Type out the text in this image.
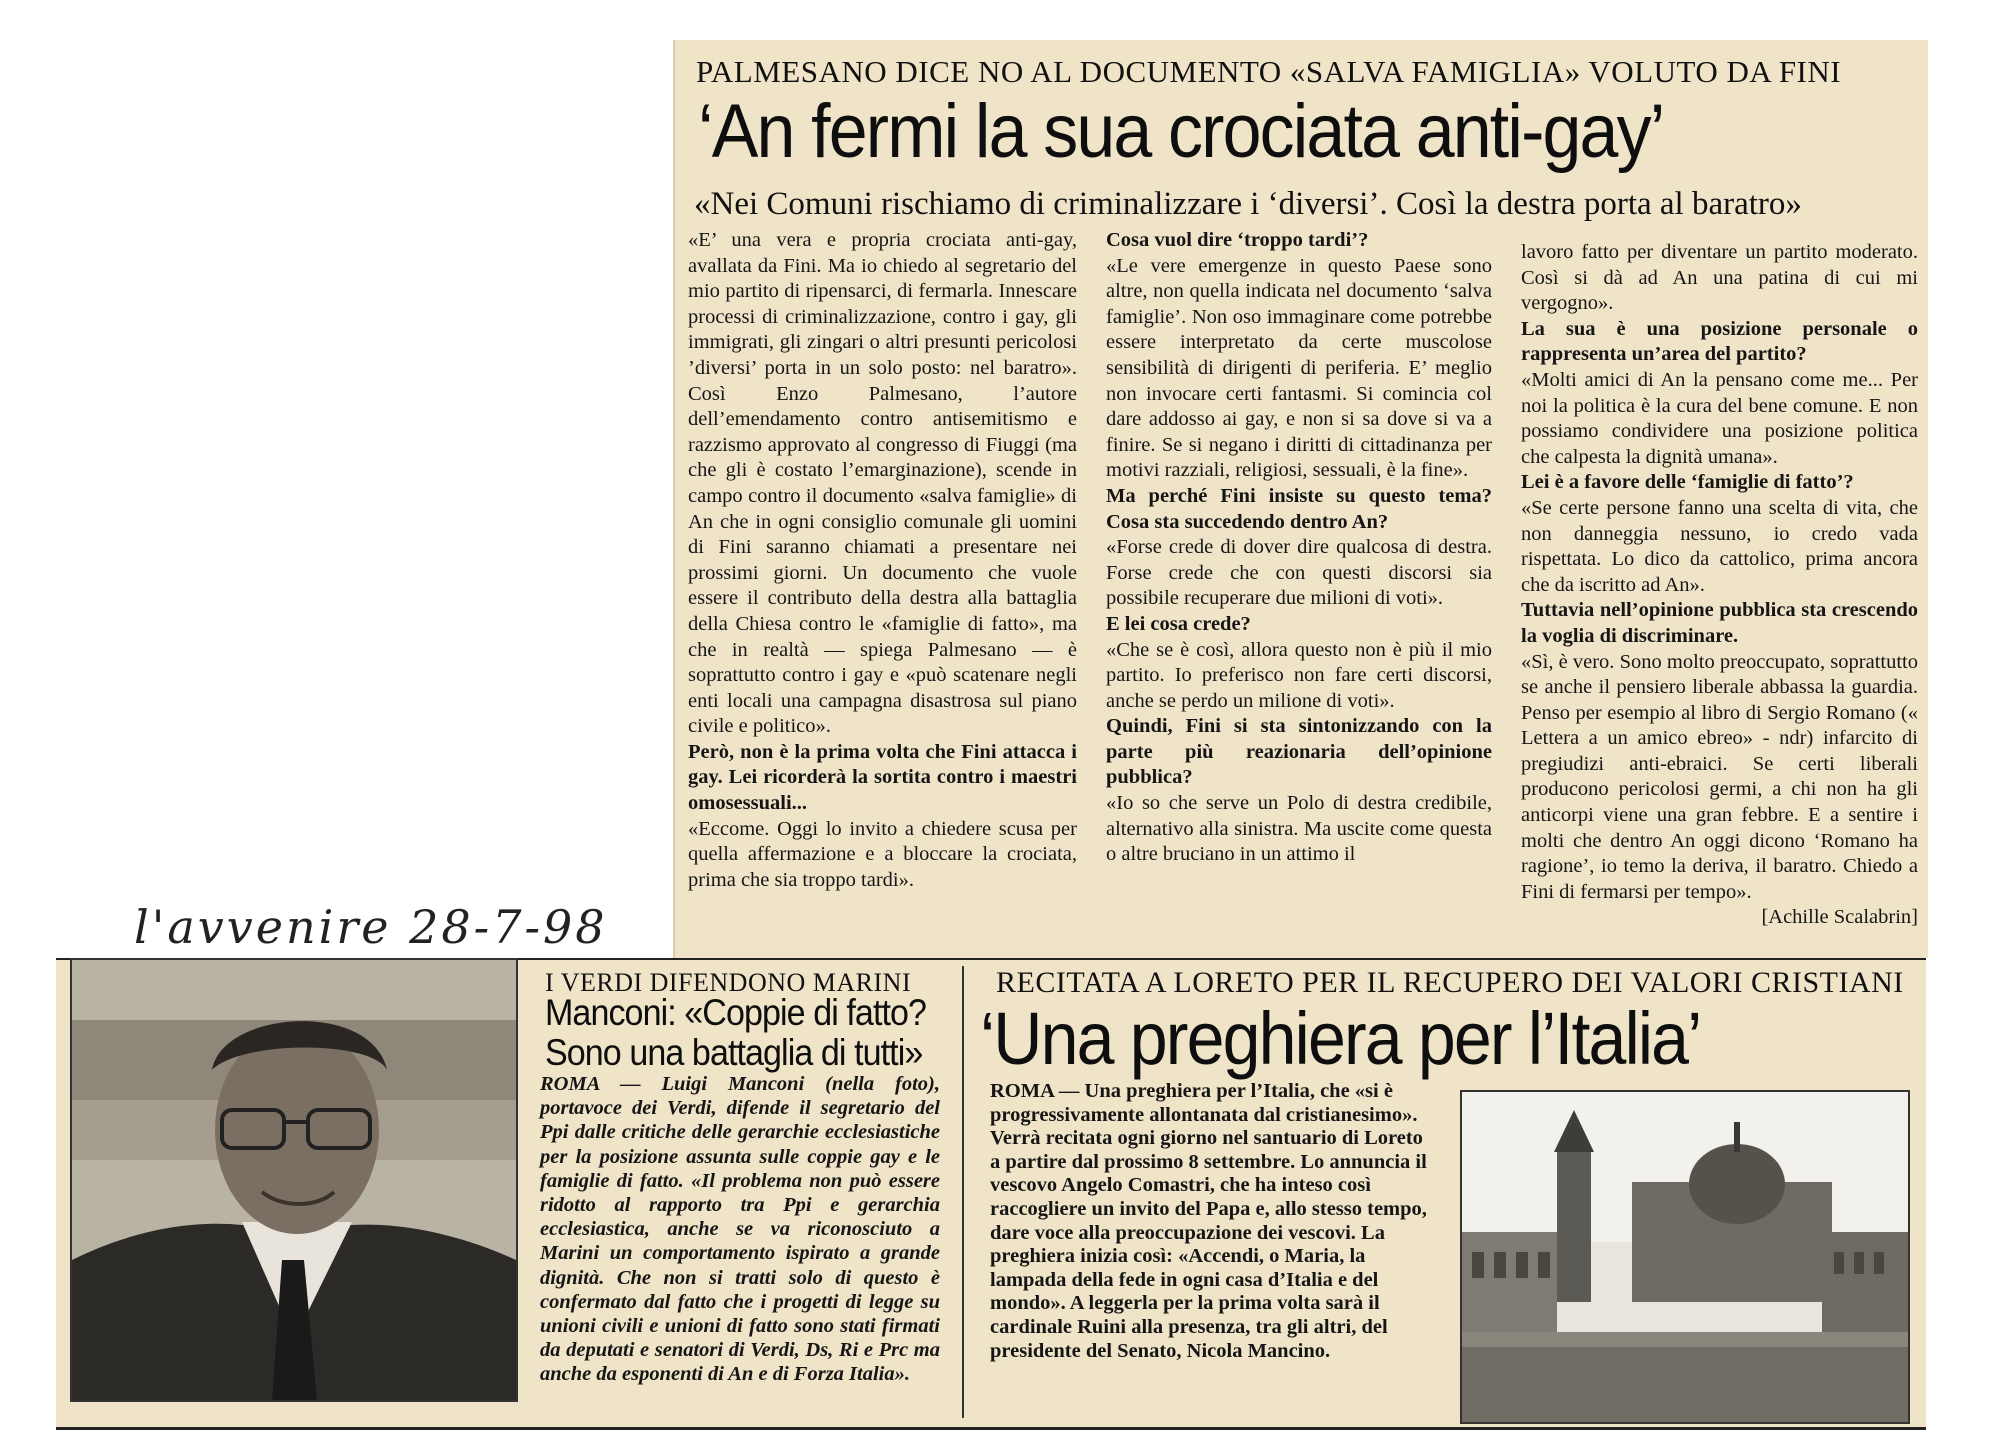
PALMESANO DICE NO AL DOCUMENTO «SALVA FAMIGLIA» VOLUTO DA FINI
‘An fermi la sua crociata anti-gay’
«Nei Comuni rischiamo di criminalizzare i ‘diversi’. Così la destra porta al baratro»

«E’ una vera e propria crociata anti-gay, avallata da Fini. Ma io chiedo al segretario del mio partito di ripensarci, di fermarla. Innescare processi di criminalizzazione, contro i gay, gli immigrati, gli zingari o altri presunti pericolosi ’diversi’ porta in un solo posto: nel baratro». Così Enzo Palmesano, l’autore dell’emendamento contro antisemitismo e razzismo approvato al congresso di Fiuggi (ma che gli è costato l’emarginazione), scende in campo contro il documento «salva famiglie» di An che in ogni consiglio comunale gli uomini di Fini saranno chiamati a presentare nei prossimi giorni. Un documento che vuole essere il contributo della destra alla battaglia della Chiesa contro le «famiglie di fatto», ma che in realtà — spiega Palmesano — è soprattutto contro i gay e «può scatenare negli enti locali una campagna disastrosa sul piano civile e politico».

Però, non è la prima volta che Fini attacca i gay. Lei ricorderà la sortita contro i maestri omosessuali...

«Eccome. Oggi lo invito a chiedere scusa per quella affermazione e a bloccare la crociata, prima che sia troppo tardi».

Cosa vuol dire ‘troppo tardi’?

«Le vere emergenze in questo Paese sono altre, non quella indicata nel documento ‘salva famiglie’. Non oso immaginare come potrebbe essere interpretato da certe muscolose sensibilità di dirigenti di periferia. E’ meglio non invocare certi fantasmi. Si comincia col dare addosso ai gay, e non si sa dove si va a finire. Se si negano i diritti di cittadinanza per motivi razziali, religiosi, sessuali, è la fine».

Ma perché Fini insiste su questo tema? Cosa sta succedendo dentro An?

«Forse crede di dover dire qualcosa di destra. Forse crede che con questi discorsi sia possibile recuperare due milioni di voti».

E lei cosa crede?

«Che se è così, allora questo non è più il mio partito. Io preferisco non fare certi discorsi, anche se perdo un milione di voti».

Quindi, Fini si sta sintonizzando con la parte più reazionaria dell’opinione pubblica?

«Io so che serve un Polo di destra credibile, alternativo alla sinistra. Ma uscite come questa o altre bruciano in un attimo il

lavoro fatto per diventare un partito moderato. Così si dà ad An una patina di cui mi vergogno».

La sua è una posizione personale o rappresenta un’area del partito?

«Molti amici di An la pensano come me... Per noi la politica è la cura del bene comune. E non possiamo condividere una posizione politica che calpesta la dignità umana».

Lei è a favore delle ‘famiglie di fatto’?

«Se certe persone fanno una scelta di vita, che non danneggia nessuno, io credo vada rispettata. Lo dico da cattolico, prima ancora che da iscritto ad An».

Tuttavia nell’opinione pubblica sta crescendo la voglia di discriminare.

«Sì, è vero. Sono molto preoccupato, soprattutto se anche il pensiero liberale abbassa la guardia. Penso per esempio al libro di Sergio Romano (« Lettera a un amico ebreo» - ndr) infarcito di pregiudizi anti-ebraici. Se certi liberali producono pericolosi germi, a chi non ha gli anticorpi viene una gran febbre. E a sentire i molti che dentro An oggi dicono ‘Romano ha ragione’, io temo la deriva, il baratro. Chiedo a Fini di fermarsi per tempo».

[Achille Scalabrin]

l'avvenire 28-7-98
I VERDI DIFENDONO MARINI
Manconi: «Coppie di fatto?
Sono una battaglia di tutti»
ROMA — Luigi Manconi (nella foto), portavoce dei Verdi, difende il segretario del Ppi dalle critiche delle gerarchie ecclesiastiche per la posizione assunta sulle coppie gay e le famiglie di fatto. «Il problema non può essere ridotto al rapporto tra Ppi e gerarchia ecclesiastica, anche se va riconosciuto a Marini un comportamento ispirato a grande dignità. Che non si tratti solo di questo è confermato dal fatto che i progetti di legge su unioni civili e unioni di fatto sono stati firmati da deputati e senatori di Verdi, Ds, Ri e Prc ma anche da esponenti di An e di Forza Italia».
RECITATA A LORETO PER IL RECUPERO DEI VALORI CRISTIANI
‘Una preghiera per l’Italia’
ROMA — Una preghiera per l’Italia, che «si è progressivamente allontanata dal cristianesimo». Verrà recitata ogni giorno nel santuario di Loreto a partire dal prossimo 8 settembre. Lo annuncia il vescovo Angelo Comastri, che ha inteso così raccogliere un invito del Papa e, allo stesso tempo, dare voce alla preoccupazione dei vescovi. La preghiera inizia così: «Accendi, o Maria, la lampada della fede in ogni casa d’Italia e del mondo». A leggerla per la prima volta sarà il cardinale Ruini alla presenza, tra gli altri, del presidente del Senato, Nicola Mancino.
